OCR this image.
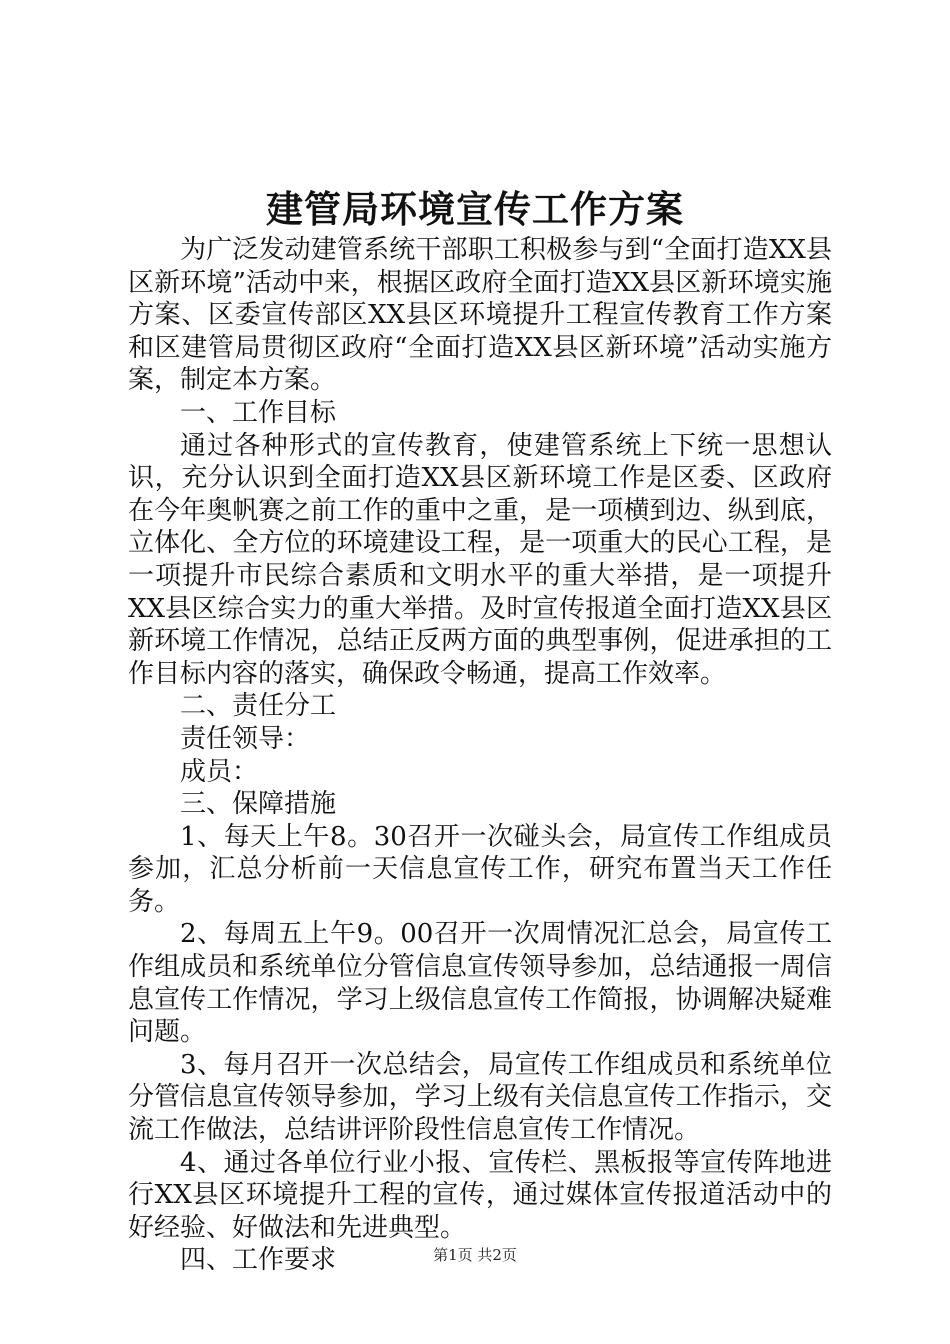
建管局环境宣传工作方案

为广泛发动建管系统干部职工积极参与到“全面打造XX县区新环境”活动中来，根据区政府全面打造XX县区新环境实施方案、区委宣传部区XX县区环境提升工程宣传教育工作方案和区建管局贯彻区政府“全面打造XX县区新环境”活动实施方案，制定本方案。

一、工作目标

通过各种形式的宣传教育，使建管系统上下统一思想认识，充分认识到全面打造XX县区新环境工作是区委、区政府在今年奥帆赛之前工作的重中之重，是一项横到边、纵到底，立体化、全方位的环境建设工程，是一项重大的民心工程，是一项提升市民综合素质和文明水平的重大举措，是一项提升XX县区综合实力的重大举措。及时宣传报道全面打造XX县区新环境工作情况，总结正反两方面的典型事例，促进承担的工作目标内容的落实，确保政令畅通，提高工作效率。

二、责任分工

责任领导：

成员：

三、保障措施

1、每天上午8。30召开一次碰头会，局宣传工作组成员参加，汇总分析前一天信息宣传工作，研究布置当天工作任务。

2、每周五上午9。00召开一次周情况汇总会，局宣传工作组成员和系统单位分管信息宣传领导参加，总结通报一周信息宣传工作情况，学习上级信息宣传工作简报，协调解决疑难问题。

3、每月召开一次总结会，局宣传工作组成员和系统单位分管信息宣传领导参加，学习上级有关信息宣传工作指示，交流工作做法，总结讲评阶段性信息宣传工作情况。

4、通过各单位行业小报、宣传栏、黑板报等宣传阵地进行XX县区环境提升工程的宣传，通过媒体宣传报道活动中的好经验、好做法和先进典型。

四、工作要求	第1页 共2页
